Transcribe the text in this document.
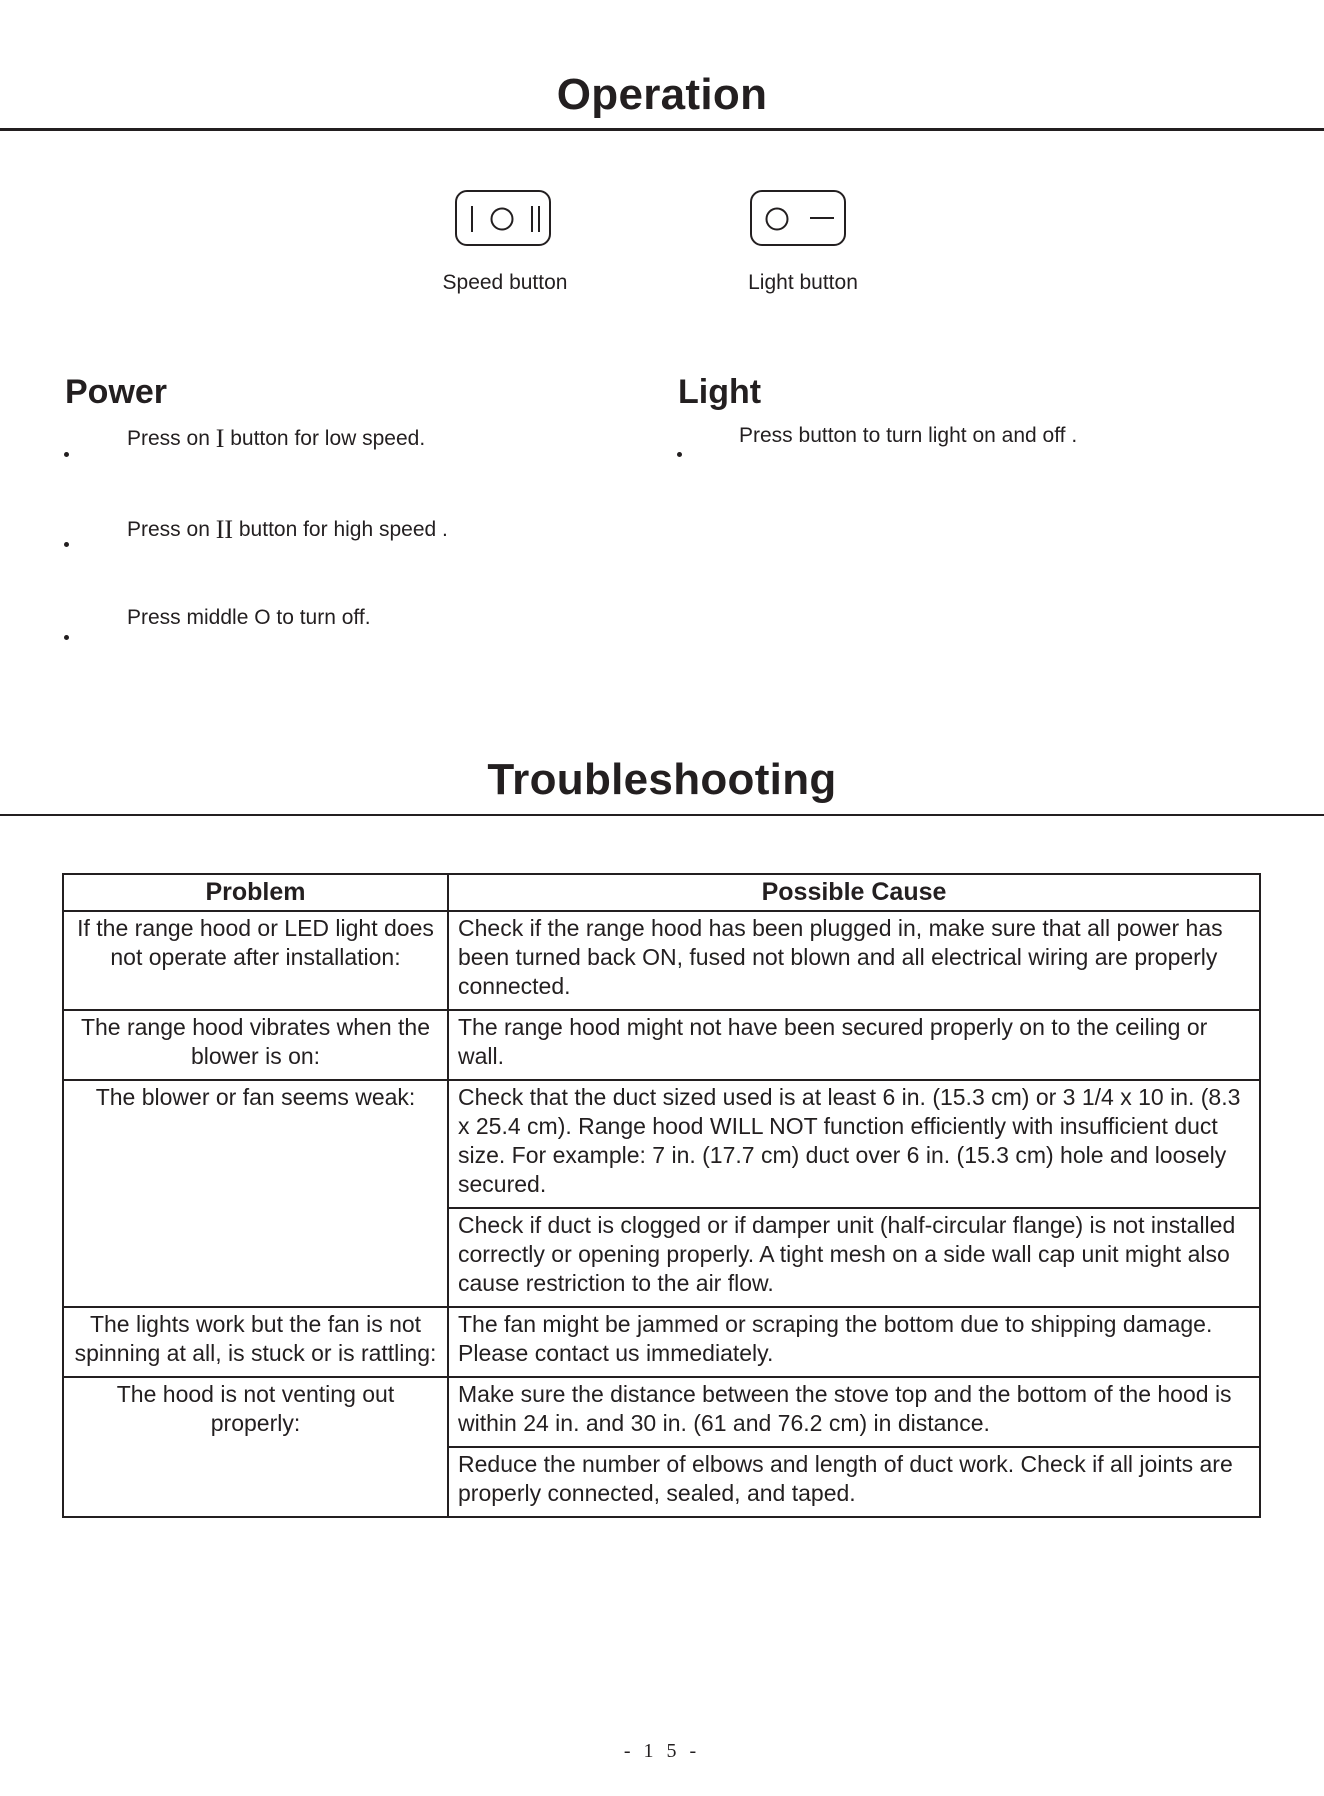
Operation
Speed button	Light button
Power
Press on I button for low speed.
Press on II button for high speed .
Press middle O to turn off.
Light
Press button to turn light on and off .
Troubleshooting
Problem	Possible Cause
If the range hood or LED light does not operate after installation:	Check if the range hood has been plugged in, make sure that all power has been turned back ON, fused not blown and all electrical wiring are properly connected.
The range hood vibrates when the blower is on:	The range hood might not have been secured properly on to the ceiling or wall.
The blower or fan seems weak:	Check that the duct sized used is at least 6 in. (15.3 cm) or 3 1/4 x 10 in. (8.3 x 25.4 cm). Range hood WILL NOT function efficiently with insufficient duct size. For example: 7 in. (17.7 cm) duct over 6 in. (15.3 cm) hole and loosely secured.
	Check if duct is clogged or if damper unit (half-circular flange) is not installed correctly or opening properly. A tight mesh on a side wall cap unit might also cause restriction to the air flow.
The lights work but the fan is not spinning at all, is stuck or is rattling:	The fan might be jammed or scraping the bottom due to shipping damage. Please contact us immediately.
The hood is not venting out properly:	Make sure the distance between the stove top and the bottom of the hood is within 24 in. and 30 in. (61 and 76.2 cm) in distance.
	Reduce the number of elbows and length of duct work. Check if all joints are properly connected, sealed, and taped.
- 1 5 -
